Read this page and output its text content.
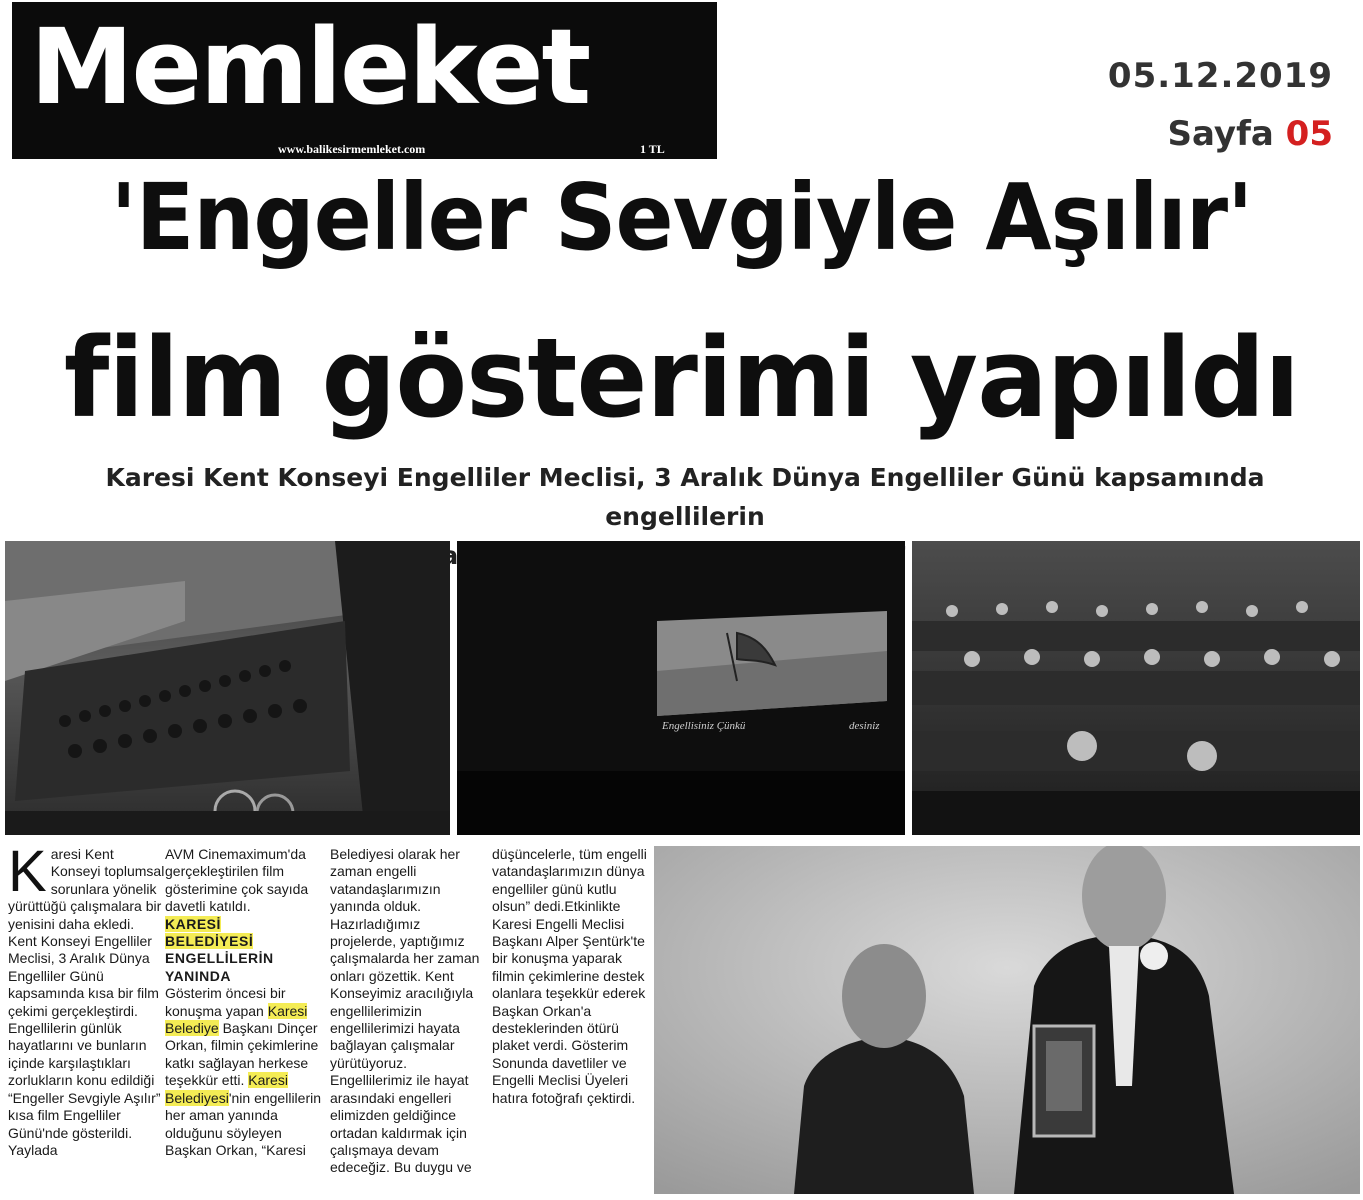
Memleket
www.balikesirmemleket.com	1 TL
05.12.2019
Sayfa 05
'Engeller Sevgiyle Aşılır'
film gösterimi yapıldı
Karesi Kent Konseyi Engelliler Meclisi, 3 Aralık Dünya Engelliler Günü kapsamında engellilerin
Engellisiniz Çünkü	desiniz
K aresi Kent Konseyi toplumsal sorunlara yönelik yürüttüğü çalışmalara bir yenisini daha ekledi. Kent Konseyi Engelliler Meclisi, 3 Aralık Dünya Engelliler Günü kapsamında kısa bir film çekimi gerçekleştirdi. Engellilerin günlük hayatlarını ve bunların içinde karşılaştıkları zorlukların konu edildiği “Engeller Sevgiyle Aşılır” kısa film Engelliler Günü'nde gösterildi. Yaylada

AVM Cinemaximum'da gerçekleştirilen film gösterimine çok sayıda davetli katıldı.

KARESİ
BELEDİYESİ ENGELLİLERİN
YANINDA

Gösterim öncesi bir konuşma yapan Karesi Belediye Başkanı Dinçer Orkan, filmin çekimlerine katkı sağlayan herkese teşekkür etti. Karesi Belediyesi'nin engellilerin her aman yanında olduğunu söyleyen Başkan Orkan, “Karesi

Belediyesi olarak her zaman engelli vatandaşlarımızın yanında olduk. Hazırladığımız projelerde, yaptığımız çalışmalarda her zaman onları gözettik. Kent Konseyimiz aracılığıyla engellilerimizin engellilerimizi hayata bağlayan çalışmalar yürütüyoruz. Engellilerimiz ile hayat arasındaki engelleri elimizden geldiğince ortadan kaldırmak için çalışmaya devam edeceğiz. Bu duygu ve

düşüncelerle, tüm engelli vatandaşlarımızın dünya engelliler günü kutlu olsun” dedi.Etkinlikte Karesi Engelli Meclisi Başkanı Alper Şentürk'te bir konuşma yaparak filmin çekimlerine destek olanlara teşekkür ederek Başkan Orkan'a desteklerinden ötürü plaket verdi. Gösterim Sonunda davetliler ve Engelli Meclisi Üyeleri hatıra fotoğrafı çektirdi.
